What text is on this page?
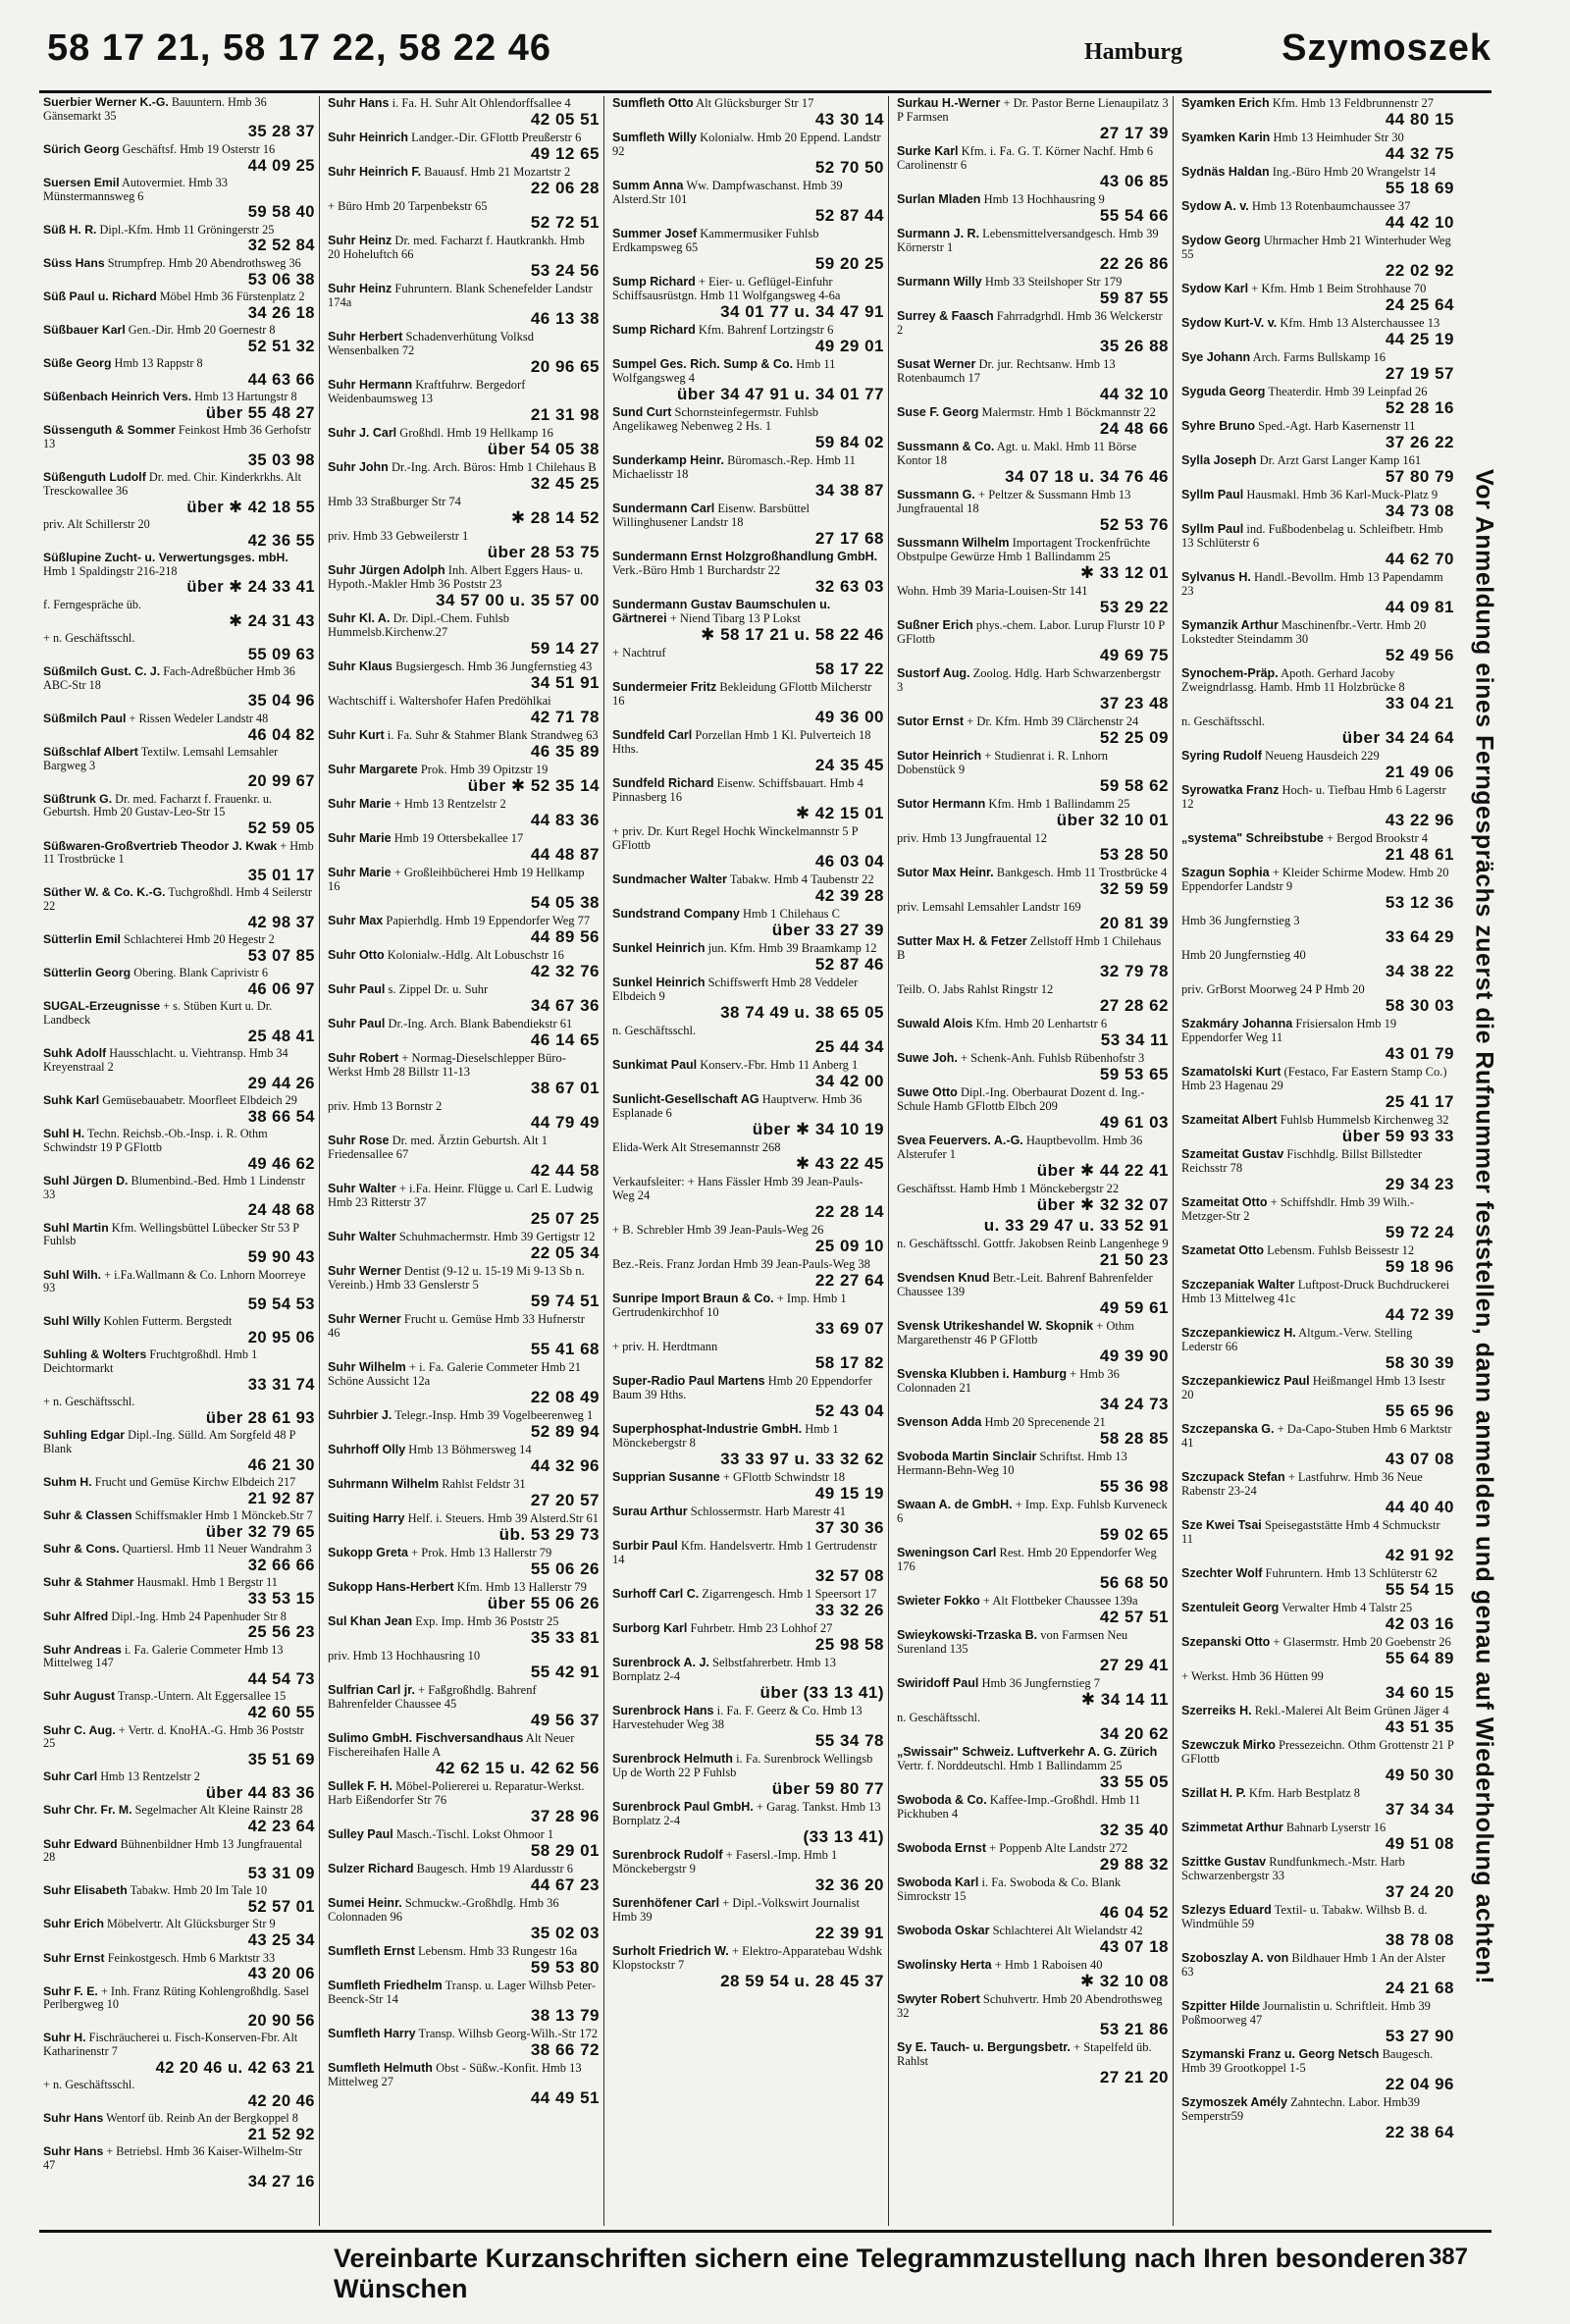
58 17 21, 58 17 22, 58 22 46	Hamburg	Szymoszek
Suerbier Werner K.-G. Bauuntern. Hmb 36 Gänsemarkt 35
35 28 37
Sürich Georg Geschäftsf. Hmb 19 Osterstr 16
44 09 25
Suersen Emil Autovermiet. Hmb 33 Münstermannsweg 6
59 58 40
Süß H. R. Dipl.-Kfm. Hmb 11 Gröningerstr 25
32 52 84
Süss Hans Strumpfrep. Hmb 20 Abendrothsweg 36
53 06 38
Süß Paul u. Richard Möbel Hmb 36 Fürstenplatz 2
34 26 18
Süßbauer Karl Gen.-Dir. Hmb 20 Goernestr 8
52 51 32
Süße Georg Hmb 13 Rappstr 8
44 63 66
Süßenbach Heinrich Vers. Hmb 13 Hartungstr 8
über 55 48 27
Süssenguth & Sommer Feinkost Hmb 36 Gerhofstr 13
35 03 98
Süßenguth Ludolf Dr. med. Chir. Kinderkrkhs. Alt Tresckowallee 36
über ✱ 42 18 55
priv. Alt Schillerstr 20
42 36 55
Süßlupine Zucht- u. Verwertungsges. mbH. Hmb 1 Spaldingstr 216-218
über ✱ 24 33 41
f. Ferngespräche üb.
✱ 24 31 43
+ n. Geschäftsschl.
55 09 63
Süßmilch Gust. C. J. Fach-Adreßbücher Hmb 36 ABC-Str 18
35 04 96
Süßmilch Paul + Rissen Wedeler Landstr 48
46 04 82
Süßschlaf Albert Textilw. Lemsahl Lemsahler Bargweg 3
20 99 67
Süßtrunk G. Dr. med. Facharzt f. Frauenkr. u. Geburtsh. Hmb 20 Gustav-Leo-Str 15
52 59 05
Süßwaren-Großvertrieb Theodor J. Kwak + Hmb 11 Trostbrücke 1
35 01 17
Süther W. & Co. K.-G. Tuchgroßhdl. Hmb 4 Seilerstr 22
42 98 37
Sütterlin Emil Schlachterei Hmb 20 Hegestr 2
53 07 85
Sütterlin Georg Obering. Blank Caprivistr 6
46 06 97
SUGAL-Erzeugnisse + s. Stüben Kurt u. Dr. Landbeck
25 48 41
Suhk Adolf Hausschlacht. u. Viehtransp. Hmb 34 Kreyenstraal 2
29 44 26
Suhk Karl Gemüsebauabetr. Moorfleet Elbdeich 29
38 66 54
Suhl H. Techn. Reichsb.-Ob.-Insp. i. R. Othm Schwindstr 19 P GFlottb
49 46 62
Suhl Jürgen D. Blumenbind.-Bed. Hmb 1 Lindenstr 33
24 48 68
Suhl Martin Kfm. Wellingsbüttel Lübecker Str 53 P Fuhlsb
59 90 43
Suhl Wilh. + i.Fa.Wallmann & Co. Lnhorn Moorreye 93
59 54 53
Suhl Willy Kohlen Futterm. Bergstedt
20 95 06
Suhling & Wolters Fruchtgroßhdl. Hmb 1 Deichtormarkt
33 31 74
+ n. Geschäftsschl.
über 28 61 93
Suhling Edgar Dipl.-Ing. Sülld. Am Sorgfeld 48 P Blank
46 21 30
Suhm H. Frucht und Gemüse Kirchw Elbdeich 217
21 92 87
Suhr & Classen Schiffsmakler Hmb 1 Mönckeb.Str 7
über 32 79 65
Suhr & Cons. Quartiersl. Hmb 11 Neuer Wandrahm 3
32 66 66
Suhr & Stahmer Hausmakl. Hmb 1 Bergstr 11
33 53 15
Suhr Alfred Dipl.-Ing. Hmb 24 Papenhuder Str 8
25 56 23
Suhr Andreas i. Fa. Galerie Commeter Hmb 13 Mittelweg 147
44 54 73
Suhr August Transp.-Untern. Alt Eggersallee 15
42 60 55
Suhr C. Aug. + Vertr. d. KnoHA.-G. Hmb 36 Poststr 25
35 51 69
Suhr Carl Hmb 13 Rentzelstr 2
über 44 83 36
Suhr Chr. Fr. M. Segelmacher Alt Kleine Rainstr 28
42 23 64
Suhr Edward Bühnenbildner Hmb 13 Jungfrauental 28
53 31 09
Suhr Elisabeth Tabakw. Hmb 20 Im Tale 10
52 57 01
Suhr Erich Möbelvertr. Alt Glücksburger Str 9
43 25 34
Suhr Ernst Feinkostgesch. Hmb 6 Marktstr 33
43 20 06
Suhr F. E. + Inh. Franz Rüting Kohlengroßhdlg. Sasel Perlbergweg 10
20 90 56
Suhr H. Fischräucherei u. Fisch-Konserven-Fbr. Alt Katharinenstr 7
42 20 46 u. 42 63 21
+ n. Geschäftsschl.
42 20 46
Suhr Hans Wentorf üb. Reinb An der Bergkoppel 8
21 52 92
Suhr Hans + Betriebsl. Hmb 36 Kaiser-Wilhelm-Str 47
34 27 16
Suhr Hans i. Fa. H. Suhr Alt Ohlendorffsallee 4
42 05 51
Suhr Heinrich Landger.-Dir. GFlottb Preußerstr 6
49 12 65
Suhr Heinrich F. Bauausf. Hmb 21 Mozartstr 2
22 06 28
+ Büro Hmb 20 Tarpenbekstr 65
52 72 51
Suhr Heinz Dr. med. Facharzt f. Hautkrankh. Hmb 20 Hoheluftch 66
53 24 56
Suhr Heinz Fuhruntern. Blank Schenefelder Landstr 174a
46 13 38
Suhr Herbert Schadenverhütung Volksd Wensenbalken 72
20 96 65
Suhr Hermann Kraftfuhrw. Bergedorf Weidenbaumsweg 13
21 31 98
Suhr J. Carl Großhdl. Hmb 19 Hellkamp 16
über 54 05 38
Suhr John Dr.-Ing. Arch. Büros: Hmb 1 Chilehaus B
32 45 25
Hmb 33 Straßburger Str 74
✱ 28 14 52
priv. Hmb 33 Gebweilerstr 1
über 28 53 75
Suhr Jürgen Adolph Inh. Albert Eggers Haus- u. Hypoth.-Makler Hmb 36 Poststr 23
34 57 00 u. 35 57 00
Suhr Kl. A. Dr. Dipl.-Chem. Fuhlsb Hummelsb.Kirchenw.27
59 14 27
Suhr Klaus Bugsiergesch. Hmb 36 Jungfernstieg 43
34 51 91
Wachtschiff i. Waltershofer Hafen Predöhlkai
42 71 78
Suhr Kurt i. Fa. Suhr & Stahmer Blank Strandweg 63
46 35 89
Suhr Margarete Prok. Hmb 39 Opitzstr 19
über ✱ 52 35 14
Suhr Marie + Hmb 13 Rentzelstr 2
44 83 36
Suhr Marie Hmb 19 Ottersbekallee 17
44 48 87
Suhr Marie + Großleihbücherei Hmb 19 Hellkamp 16
54 05 38
Suhr Max Papierhdlg. Hmb 19 Eppendorfer Weg 77
44 89 56
Suhr Otto Kolonialw.-Hdlg. Alt Lobuschstr 16
42 32 76
Suhr Paul s. Zippel Dr. u. Suhr
34 67 36
Suhr Paul Dr.-Ing. Arch. Blank Babendiekstr 61
46 14 65
Suhr Robert + Normag-Dieselschlepper Büro-Werkst Hmb 28 Billstr 11-13
38 67 01
priv. Hmb 13 Bornstr 2
44 79 49
Suhr Rose Dr. med. Ärztin Geburtsh. Alt 1 Friedensallee 67
42 44 58
Suhr Walter + i.Fa. Heinr. Flügge u. Carl E. Ludwig Hmb 23 Ritterstr 37
25 07 25
Suhr Walter Schuhmachermstr. Hmb 39 Gertigstr 12
22 05 34
Suhr Werner Dentist (9-12 u. 15-19 Mi 9-13 Sb n. Vereinb.) Hmb 33 Genslerstr 5
59 74 51
Suhr Werner Frucht u. Gemüse Hmb 33 Hufnerstr 46
55 41 68
Suhr Wilhelm + i. Fa. Galerie Commeter Hmb 21 Schöne Aussicht 12a
22 08 49
Suhrbier J. Telegr.-Insp. Hmb 39 Vogelbeerenweg 1
52 89 94
Suhrhoff Olly Hmb 13 Böhmersweg 14
44 32 96
Suhrmann Wilhelm Rahlst Feldstr 31
27 20 57
Suiting Harry Helf. i. Steuers. Hmb 39 Alsterd.Str 61
üb. 53 29 73
Sukopp Greta + Prok. Hmb 13 Hallerstr 79
55 06 26
Sukopp Hans-Herbert Kfm. Hmb 13 Hallerstr 79
über 55 06 26
Sul Khan Jean Exp. Imp. Hmb 36 Poststr 25
35 33 81
priv. Hmb 13 Hochhausring 10
55 42 91
Sulfrian Carl jr. + Faßgroßhdlg. Bahrenf Bahrenfelder Chaussee 45
49 56 37
Sulimo GmbH. Fischversandhaus Alt Neuer Fischereihafen Halle A
42 62 15 u. 42 62 56
Sullek F. H. Möbel-Poliererei u. Reparatur-Werkst. Harb Eißendorfer Str 76
37 28 96
Sulley Paul Masch.-Tischl. Lokst Ohmoor 1
58 29 01
Sulzer Richard Baugesch. Hmb 19 Alardusstr 6
44 67 23
Sumei Heinr. Schmuckw.-Großhdlg. Hmb 36 Colonnaden 96
35 02 03
Sumfleth Ernst Lebensm. Hmb 33 Rungestr 16a
59 53 80
Sumfleth Friedhelm Transp. u. Lager Wilhsb Peter-Beenck-Str 14
38 13 79
Sumfleth Harry Transp. Wilhsb Georg-Wilh.-Str 172
38 66 72
Sumfleth Helmuth Obst - Süßw.-Konfit. Hmb 13 Mittelweg 27
44 49 51
Sumfleth Otto Alt Glücksburger Str 17
43 30 14
Sumfleth Willy Kolonialw. Hmb 20 Eppend. Landstr 92
52 70 50
Summ Anna Ww. Dampfwaschanst. Hmb 39 Alsterd.Str 101
52 87 44
Summer Josef Kammermusiker Fuhlsb Erdkampsweg 65
59 20 25
Sump Richard + Eier- u. Geflügel-Einfuhr Schiffsausrüstgn. Hmb 11 Wolfgangsweg 4-6a
34 01 77 u. 34 47 91
Sump Richard Kfm. Bahrenf Lortzingstr 6
49 29 01
Sumpel Ges. Rich. Sump & Co. Hmb 11 Wolfgangsweg 4
über 34 47 91 u. 34 01 77
Sund Curt Schornsteinfegermstr. Fuhlsb Angelikaweg Nebenweg 2 Hs. 1
59 84 02
Sunderkamp Heinr. Büromasch.-Rep. Hmb 11 Michaelisstr 18
34 38 87
Sundermann Carl Eisenw. Barsbüttel Willinghusener Landstr 18
27 17 68
Sundermann Ernst Holzgroßhandlung GmbH. Verk.-Büro Hmb 1 Burchardstr 22
32 63 03
Sundermann Gustav Baumschulen u. Gärtnerei + Niend Tibarg 13 P Lokst
✱ 58 17 21 u. 58 22 46
+ Nachtruf
58 17 22
Sundermeier Fritz Bekleidung GFlottb Milcherstr 16
49 36 00
Sundfeld Carl Porzellan Hmb 1 Kl. Pulverteich 18 Hths.
24 35 45
Sundfeld Richard Eisenw. Schiffsbauart. Hmb 4 Pinnasberg 16
✱ 42 15 01
+ priv. Dr. Kurt Regel Hochk Winckelmannstr 5 P GFlottb
46 03 04
Sundmacher Walter Tabakw. Hmb 4 Taubenstr 22
42 39 28
Sundstrand Company Hmb 1 Chilehaus C
über 33 27 39
Sunkel Heinrich jun. Kfm. Hmb 39 Braamkamp 12
52 87 46
Sunkel Heinrich Schiffswerft Hmb 28 Veddeler Elbdeich 9
38 74 49 u. 38 65 05
n. Geschäftsschl.
25 44 34
Sunkimat Paul Konserv.-Fbr. Hmb 11 Anberg 1
34 42 00
Sunlicht-Gesellschaft AG Hauptverw. Hmb 36 Esplanade 6
über ✱ 34 10 19
Elida-Werk Alt Stresemannstr 268
✱ 43 22 45
Verkaufsleiter: + Hans Fässler Hmb 39 Jean-Pauls-Weg 24
22 28 14
+ B. Schrebler Hmb 39 Jean-Pauls-Weg 26
25 09 10
Bez.-Reis. Franz Jordan Hmb 39 Jean-Pauls-Weg 38
22 27 64
Sunripe Import Braun & Co. + Imp. Hmb 1 Gertrudenkirchhof 10
33 69 07
+ priv. H. Herdtmann
58 17 82
Super-Radio Paul Martens Hmb 20 Eppendorfer Baum 39 Hths.
52 43 04
Superphosphat-Industrie GmbH. Hmb 1 Mönckebergstr 8
33 33 97 u. 33 32 62
Supprian Susanne + GFlottb Schwindstr 18
49 15 19
Surau Arthur Schlossermstr. Harb Marestr 41
37 30 36
Surbir Paul Kfm. Handelsvertr. Hmb 1 Gertrudenstr 14
32 57 08
Surhoff Carl C. Zigarrengesch. Hmb 1 Speersort 17
33 32 26
Surborg Karl Fuhrbetr. Hmb 23 Lohhof 27
25 98 58
Surenbrock A. J. Selbstfahrerbetr. Hmb 13 Bornplatz 2-4
über (33 13 41)
Surenbrock Hans i. Fa. F. Geerz & Co. Hmb 13 Harvestehuder Weg 38
55 34 78
Surenbrock Helmuth i. Fa. Surenbrock Wellingsb Up de Worth 22 P Fuhlsb
über 59 80 77
Surenbrock Paul GmbH. + Garag. Tankst. Hmb 13 Bornplatz 2-4
(33 13 41)
Surenbrock Rudolf + Fasersl.-Imp. Hmb 1 Mönckebergstr 9
32 36 20
Surenhöfener Carl + Dipl.-Volkswirt Journalist Hmb 39
22 39 91
Surholt Friedrich W. + Elektro-Apparatebau Wdshk Klopstockstr 7
28 59 54 u. 28 45 37
Surkau H.-Werner + Dr. Pastor Berne Lienaupilatz 3 P Farmsen
27 17 39
Surke Karl Kfm. i. Fa. G. T. Körner Nachf. Hmb 6 Carolinenstr 6
43 06 85
Surlan Mladen Hmb 13 Hochhausring 9
55 54 66
Surmann J. R. Lebensmittelversandgesch. Hmb 39 Körnerstr 1
22 26 86
Surmann Willy Hmb 33 Steilshoper Str 179
59 87 55
Surrey & Faasch Fahrradgrhdl. Hmb 36 Welckerstr 2
35 26 88
Susat Werner Dr. jur. Rechtsanw. Hmb 13 Rotenbaumch 17
44 32 10
Suse F. Georg Malermstr. Hmb 1 Böckmannstr 22
24 48 66
Sussmann & Co. Agt. u. Makl. Hmb 11 Börse Kontor 18
34 07 18 u. 34 76 46
Sussmann G. + Peltzer & Sussmann Hmb 13 Jungfrauental 18
52 53 76
Sussmann Wilhelm Importagent Trockenfrüchte Obstpulpe Gewürze Hmb 1 Ballindamm 25
✱ 33 12 01
Wohn. Hmb 39 Maria-Louisen-Str 141
53 29 22
Sußner Erich phys.-chem. Labor. Lurup Flurstr 10 P GFlottb
49 69 75
Sustorf Aug. Zoolog. Hdlg. Harb Schwarzenbergstr 3
37 23 48
Sutor Ernst + Dr. Kfm. Hmb 39 Clärchenstr 24
52 25 09
Sutor Heinrich + Studienrat i. R. Lnhorn Dobenstück 9
59 58 62
Sutor Hermann Kfm. Hmb 1 Ballindamm 25
über 32 10 01
priv. Hmb 13 Jungfrauental 12
53 28 50
Sutor Max Heinr. Bankgesch. Hmb 11 Trostbrücke 4
32 59 59
priv. Lemsahl Lemsahler Landstr 169
20 81 39
Sutter Max H. & Fetzer Zellstoff Hmb 1 Chilehaus B
32 79 78
Teilb. O. Jabs Rahlst Ringstr 12
27 28 62
Suwald Alois Kfm. Hmb 20 Lenhartstr 6
53 34 11
Suwe Joh. + Schenk-Anh. Fuhlsb Rübenhofstr 3
59 53 65
Suwe Otto Dipl.-Ing. Oberbaurat Dozent d. Ing.-Schule Hamb GFlottb Elbch 209
49 61 03
Svea Feuervers. A.-G. Hauptbevollm. Hmb 36 Alsterufer 1
über ✱ 44 22 41
Geschäftsst. Hamb Hmb 1 Mönckebergstr 22
über ✱ 32 32 07
u. 33 29 47 u. 33 52 91
n. Geschäftsschl. Gottfr. Jakobsen Reinb Langenhege 9
21 50 23
Svendsen Knud Betr.-Leit. Bahrenf Bahrenfelder Chaussee 139
49 59 61
Svensk Utrikeshandel W. Skopnik + Othm Margarethenstr 46 P GFlottb
49 39 90
Svenska Klubben i. Hamburg + Hmb 36 Colonnaden 21
34 24 73
Svenson Adda Hmb 20 Sprecenende 21
58 28 85
Svoboda Martin Sinclair Schriftst. Hmb 13 Hermann-Behn-Weg 10
55 36 98
Swaan A. de GmbH. + Imp. Exp. Fuhlsb Kurveneck 6
59 02 65
Sweningson Carl Rest. Hmb 20 Eppendorfer Weg 176
56 68 50
Swieter Fokko + Alt Flottbeker Chaussee 139a
42 57 51
Swieykowski-Trzaska B. von Farmsen Neu Surenland 135
27 29 41
Swiridoff Paul Hmb 36 Jungfernstieg 7
✱ 34 14 11
n. Geschäftsschl.
34 20 62
„Swissair" Schweiz. Luftverkehr A. G. Zürich Vertr. f. Norddeutschl. Hmb 1 Ballindamm 25
33 55 05
Swoboda & Co. Kaffee-Imp.-Großhdl. Hmb 11 Pickhuben 4
32 35 40
Swoboda Ernst + Poppenb Alte Landstr 272
29 88 32
Swoboda Karl i. Fa. Swoboda & Co. Blank Simrockstr 15
46 04 52
Swoboda Oskar Schlachterei Alt Wielandstr 42
43 07 18
Swolinsky Herta + Hmb 1 Raboisen 40
✱ 32 10 08
Swyter Robert Schuhvertr. Hmb 20 Abendrothsweg 32
53 21 86
Sy E. Tauch- u. Bergungsbetr. + Stapelfeld üb. Rahlst
27 21 20
Syamken Erich Kfm. Hmb 13 Feldbrunnenstr 27
44 80 15
Syamken Karin Hmb 13 Heimhuder Str 30
44 32 75
Sydnäs Haldan Ing.-Büro Hmb 20 Wrangelstr 14
55 18 69
Sydow A. v. Hmb 13 Rotenbaumchaussee 37
44 42 10
Sydow Georg Uhrmacher Hmb 21 Winterhuder Weg 55
22 02 92
Sydow Karl + Kfm. Hmb 1 Beim Strohhause 70
24 25 64
Sydow Kurt-V. v. Kfm. Hmb 13 Alsterchaussee 13
44 25 19
Sye Johann Arch. Farms Bullskamp 16
27 19 57
Syguda Georg Theaterdir. Hmb 39 Leinpfad 26
52 28 16
Syhre Bruno Sped.-Agt. Harb Kasernenstr 11
37 26 22
Sylla Joseph Dr. Arzt Garst Langer Kamp 161
57 80 79
Syllm Paul Hausmakl. Hmb 36 Karl-Muck-Platz 9
34 73 08
Syllm Paul ind. Fußbodenbelag u. Schleifbetr. Hmb 13 Schlüterstr 6
44 62 70
Sylvanus H. Handl.-Bevollm. Hmb 13 Papendamm 23
44 09 81
Symanzik Arthur Maschinenfbr.-Vertr. Hmb 20 Lokstedter Steindamm 30
52 49 56
Synochem-Präp. Apoth. Gerhard Jacoby Zweigndrlassg. Hamb. Hmb 11 Holzbrücke 8
33 04 21
n. Geschäftsschl.
über 34 24 64
Syring Rudolf Neueng Hausdeich 229
21 49 06
Syrowatka Franz Hoch- u. Tiefbau Hmb 6 Lagerstr 12
43 22 96
„systema" Schreibstube + Bergod Brookstr 4
21 48 61
Szagun Sophia + Kleider Schirme Modew. Hmb 20 Eppendorfer Landstr 9
53 12 36
Hmb 36 Jungfernstieg 3
33 64 29
Hmb 20 Jungfernstieg 40
34 38 22
priv. GrBorst Moorweg 24 P Hmb 20
58 30 03
Szakmáry Johanna Frisiersalon Hmb 19 Eppendorfer Weg 11
43 01 79
Szamatolski Kurt (Festaco, Far Eastern Stamp Co.) Hmb 23 Hagenau 29
25 41 17
Szameitat Albert Fuhlsb Hummelsb Kirchenweg 32
über 59 93 33
Szameitat Gustav Fischhdlg. Billst Billstedter Reichsstr 78
29 34 23
Szameitat Otto + Schiffshdlr. Hmb 39 Wilh.-Metzger-Str 2
59 72 24
Szametat Otto Lebensm. Fuhlsb Beissestr 12
59 18 96
Szczepaniak Walter Luftpost-Druck Buchdruckerei Hmb 13 Mittelweg 41c
44 72 39
Szczepankiewicz H. Altgum.-Verw. Stelling Lederstr 66
58 30 39
Szczepankiewicz Paul Heißmangel Hmb 13 Isestr 20
55 65 96
Szczepanska G. + Da-Capo-Stuben Hmb 6 Marktstr 41
43 07 08
Szczupack Stefan + Lastfuhrw. Hmb 36 Neue Rabenstr 23-24
44 40 40
Sze Kwei Tsai Speisegaststätte Hmb 4 Schmuckstr 11
42 91 92
Szechter Wolf Fuhruntern. Hmb 13 Schlüterstr 62
55 54 15
Szentuleit Georg Verwalter Hmb 4 Talstr 25
42 03 16
Szepanski Otto + Glasermstr. Hmb 20 Goebenstr 26
55 64 89
+ Werkst. Hmb 36 Hütten 99
34 60 15
Szerreiks H. Rekl.-Malerei Alt Beim Grünen Jäger 4
43 51 35
Szewczuk Mirko Pressezeichn. Othm Grottenstr 21 P GFlottb
49 50 30
Szillat H. P. Kfm. Harb Bestplatz 8
37 34 34
Szimmetat Arthur Bahnarb Lyserstr 16
49 51 08
Szittke Gustav Rundfunkmech.-Mstr. Harb Schwarzenbergstr 33
37 24 20
Szlezys Eduard Textil- u. Tabakw. Wilhsb B. d. Windmühle 59
38 78 08
Szoboszlay A. von Bildhauer Hmb 1 An der Alster 63
24 21 68
Szpitter Hilde Journalistin u. Schriftleit. Hmb 39 Poßmoorweg 47
53 27 90
Szymanski Franz u. Georg Netsch Baugesch. Hmb 39 Grootkoppel 1-5
22 04 96
Szymoszek Amély Zahntechn. Labor. Hmb39 Semperstr59
22 38 64
Vor Anmeldung eines Ferngesprächs zuerst die Rufnummer feststellen, dann anmelden und genau auf Wiederholung achten!
Vereinbarte Kurzanschriften sichern eine Telegrammzustellung nach Ihren besonderen Wünschen
387
